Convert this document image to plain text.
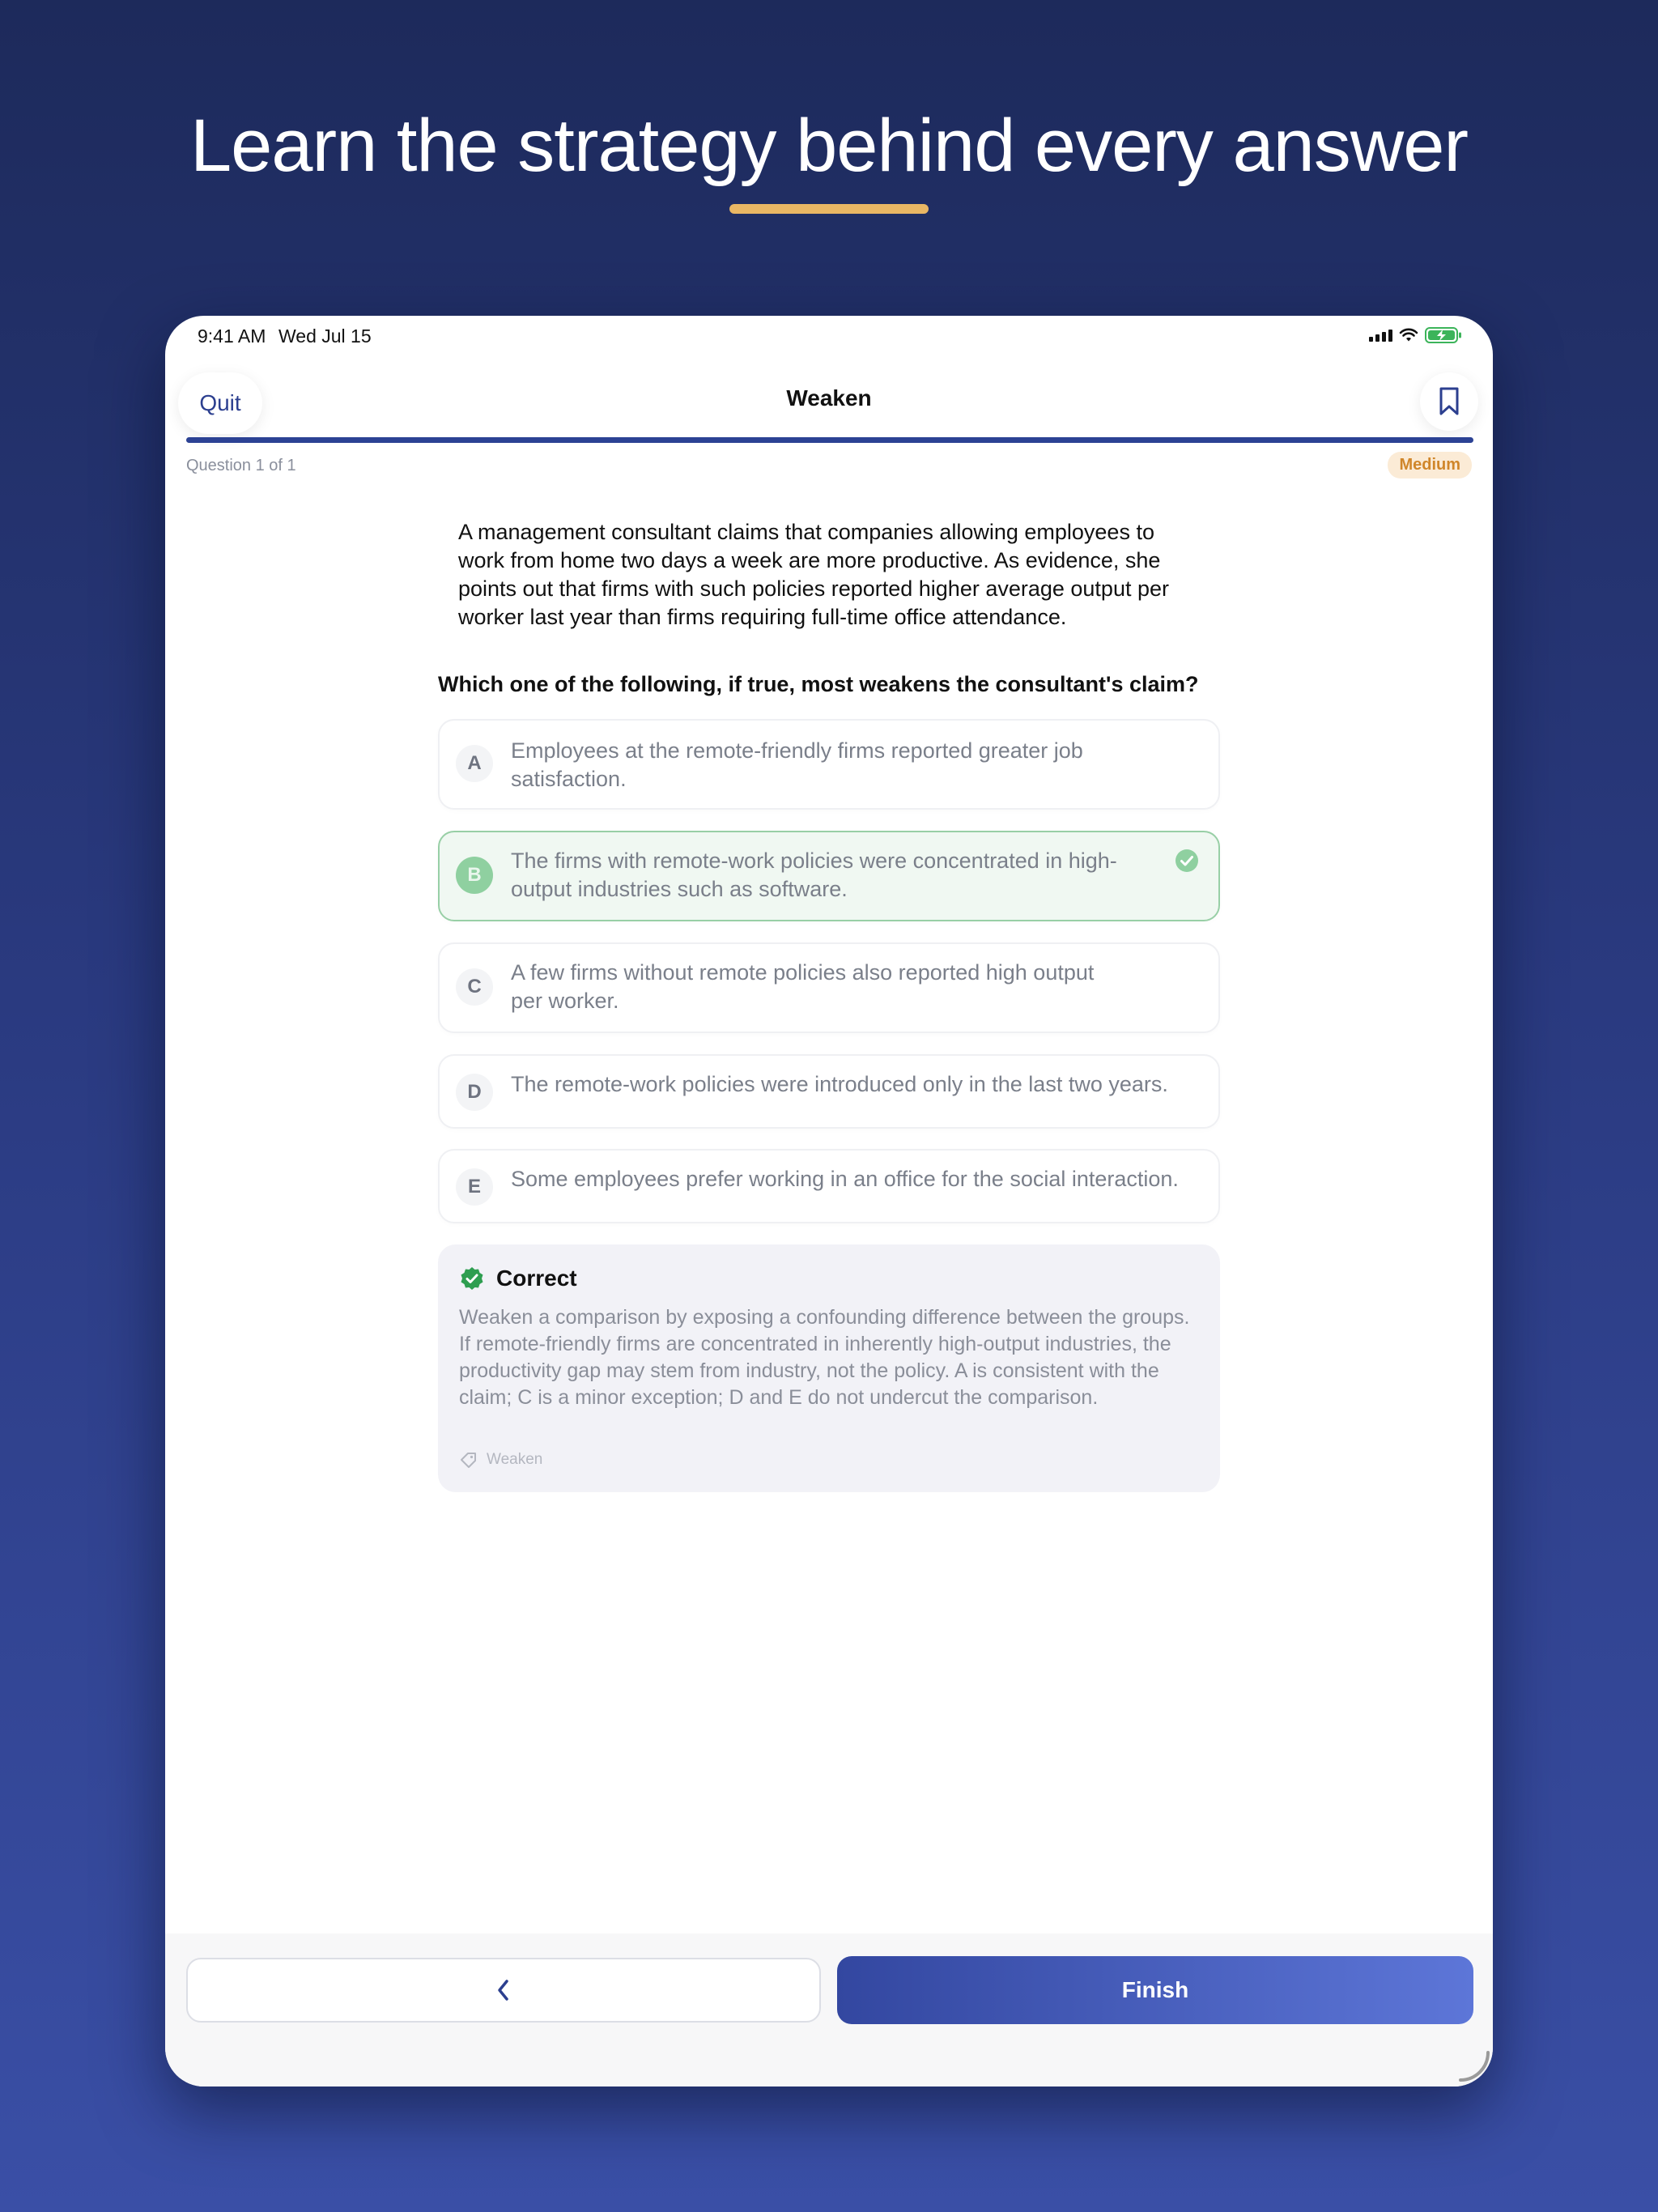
Learn the strategy behind every answer
9:41 AM Wed Jul 15
Quit	Weaken
Question 1 of 1	Medium
A management consultant claims that companies allowing employees to work from home two days a week are more productive. As evidence, she points out that firms with such policies reported higher average output per worker last year than firms requiring full-time office attendance.
Which one of the following, if true, most weakens the consultant's claim?
A
Employees at the remote-friendly firms reported greater job satisfaction.
B
The firms with remote-work policies were concentrated in high-output industries such as software.
C
A few firms without remote policies also reported high output per worker.
D	The remote-work policies were introduced only in the last two years.
E	Some employees prefer working in an office for the social interaction.
Correct
Weaken a comparison by exposing a confounding difference between the groups. If remote-friendly firms are concentrated in inherently high-output industries, the productivity gap may stem from industry, not the policy. A is consistent with the claim; C is a minor exception; D and E do not undercut the comparison.
Weaken
Finish
